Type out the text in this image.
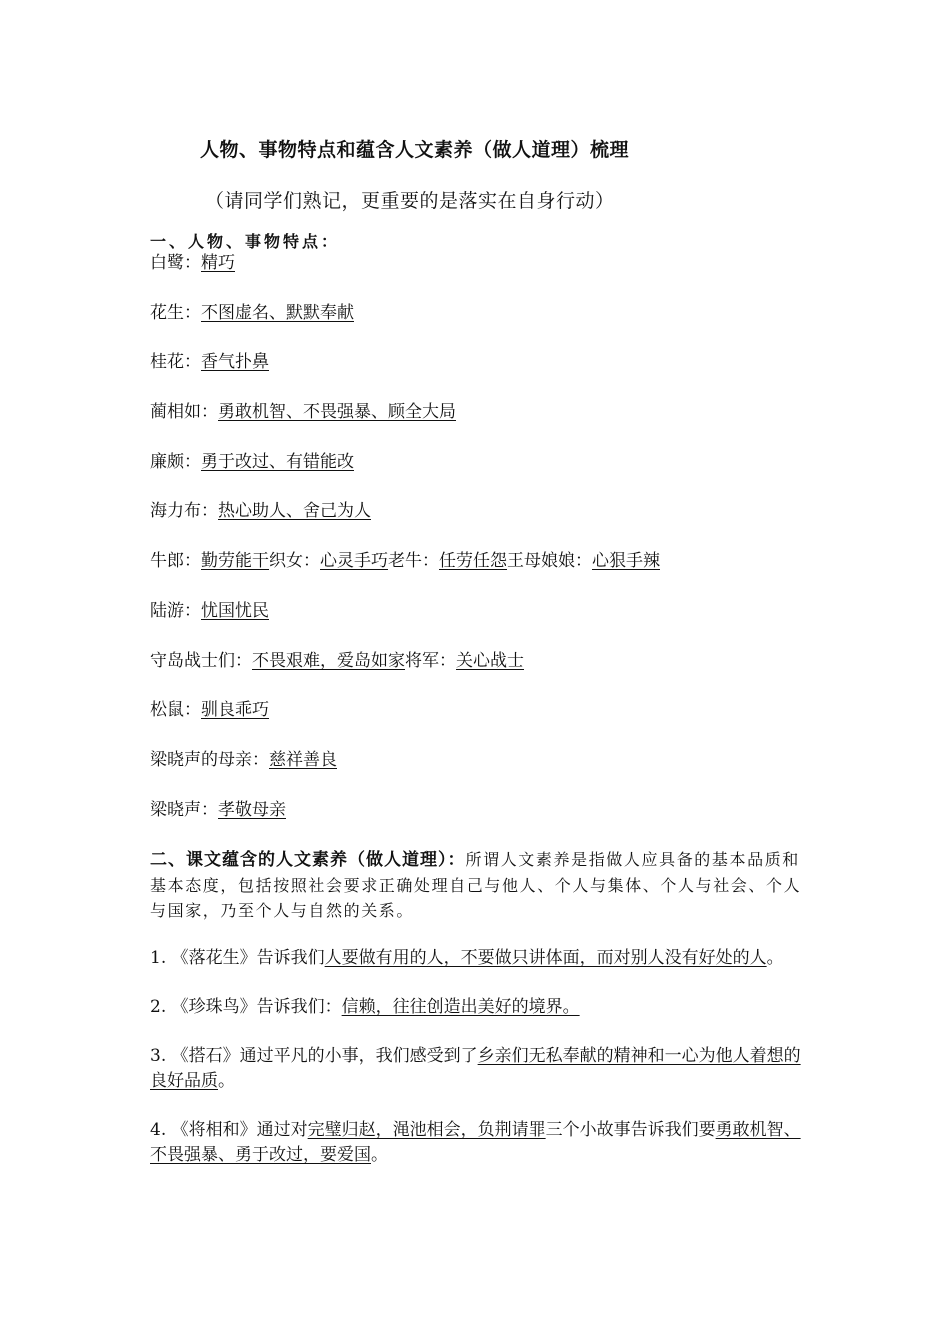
人物、事物特点和蕴含人文素养（做人道理）梳理
（请同学们熟记，更重要的是落实在自身行动）
一、人物、事物特点：
白鹭：精巧
花生：不图虚名、默默奉献
桂花：香气扑鼻
蔺相如：勇敢机智、不畏强暴、顾全大局
廉颇：勇于改过、有错能改
海力布：热心助人、舍己为人
牛郎：勤劳能干织女：心灵手巧老牛：任劳任怨王母娘娘：心狠手辣
陆游：忧国忧民
守岛战士们：不畏艰难，爱岛如家将军：关心战士
松鼠：驯良乖巧
梁晓声的母亲：慈祥善良
梁晓声：孝敬母亲
二、课文蕴含的人文素养（做人道理）：所谓人文素养是指做人应具备的基本品质和基本态度，包括按照社会要求正确处理自己与他人、个人与集体、个人与社会、个人与国家，乃至个人与自然的关系。
1. 《落花生》告诉我们人要做有用的人，不要做只讲体面，而对别人没有好处的人。
2. 《珍珠鸟》告诉我们：信赖，往往创造出美好的境界。
3. 《搭石》通过平凡的小事，我们感受到了乡亲们无私奉献的精神和一心为他人着想的良好品质。
4. 《将相和》通过对完璧归赵，渑池相会，负荆请罪三个小故事告诉我们要勇敢机智、不畏强暴、勇于改过，要爱国。
